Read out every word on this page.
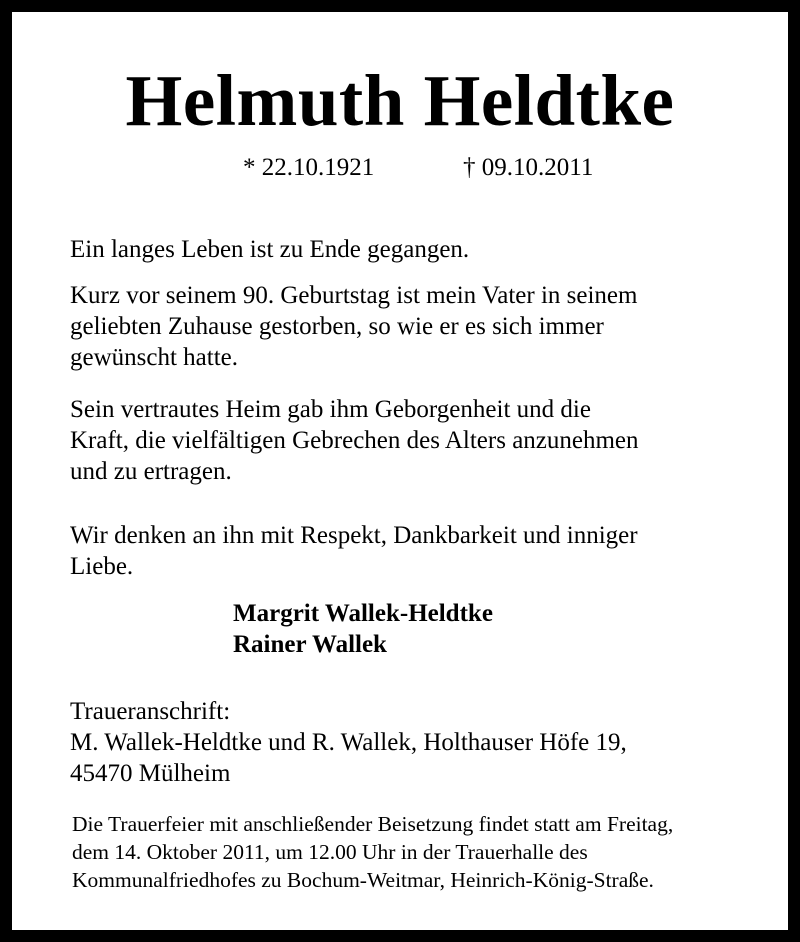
Helmuth Heldtke
* 22.10.1921	† 09.10.2011
Ein langes Leben ist zu Ende gegangen.
Kurz vor seinem 90. Geburtstag ist mein Vater in seinem
geliebten Zuhause gestorben, so wie er es sich immer
gewünscht hatte.
Sein vertrautes Heim gab ihm Geborgenheit und die
Kraft, die vielfältigen Gebrechen des Alters anzunehmen
und zu ertragen.
Wir denken an ihn mit Respekt, Dankbarkeit und inniger
Liebe.
Margrit Wallek-Heldtke
Rainer Wallek
Traueranschrift:
M. Wallek-Heldtke und R. Wallek, Holthauser Höfe 19,
45470 Mülheim
Die Trauerfeier mit anschließender Beisetzung findet statt am Freitag,
dem 14. Oktober 2011, um 12.00 Uhr in der Trauerhalle des
Kommunalfriedhofes zu Bochum-Weitmar, Heinrich-König-Straße.
